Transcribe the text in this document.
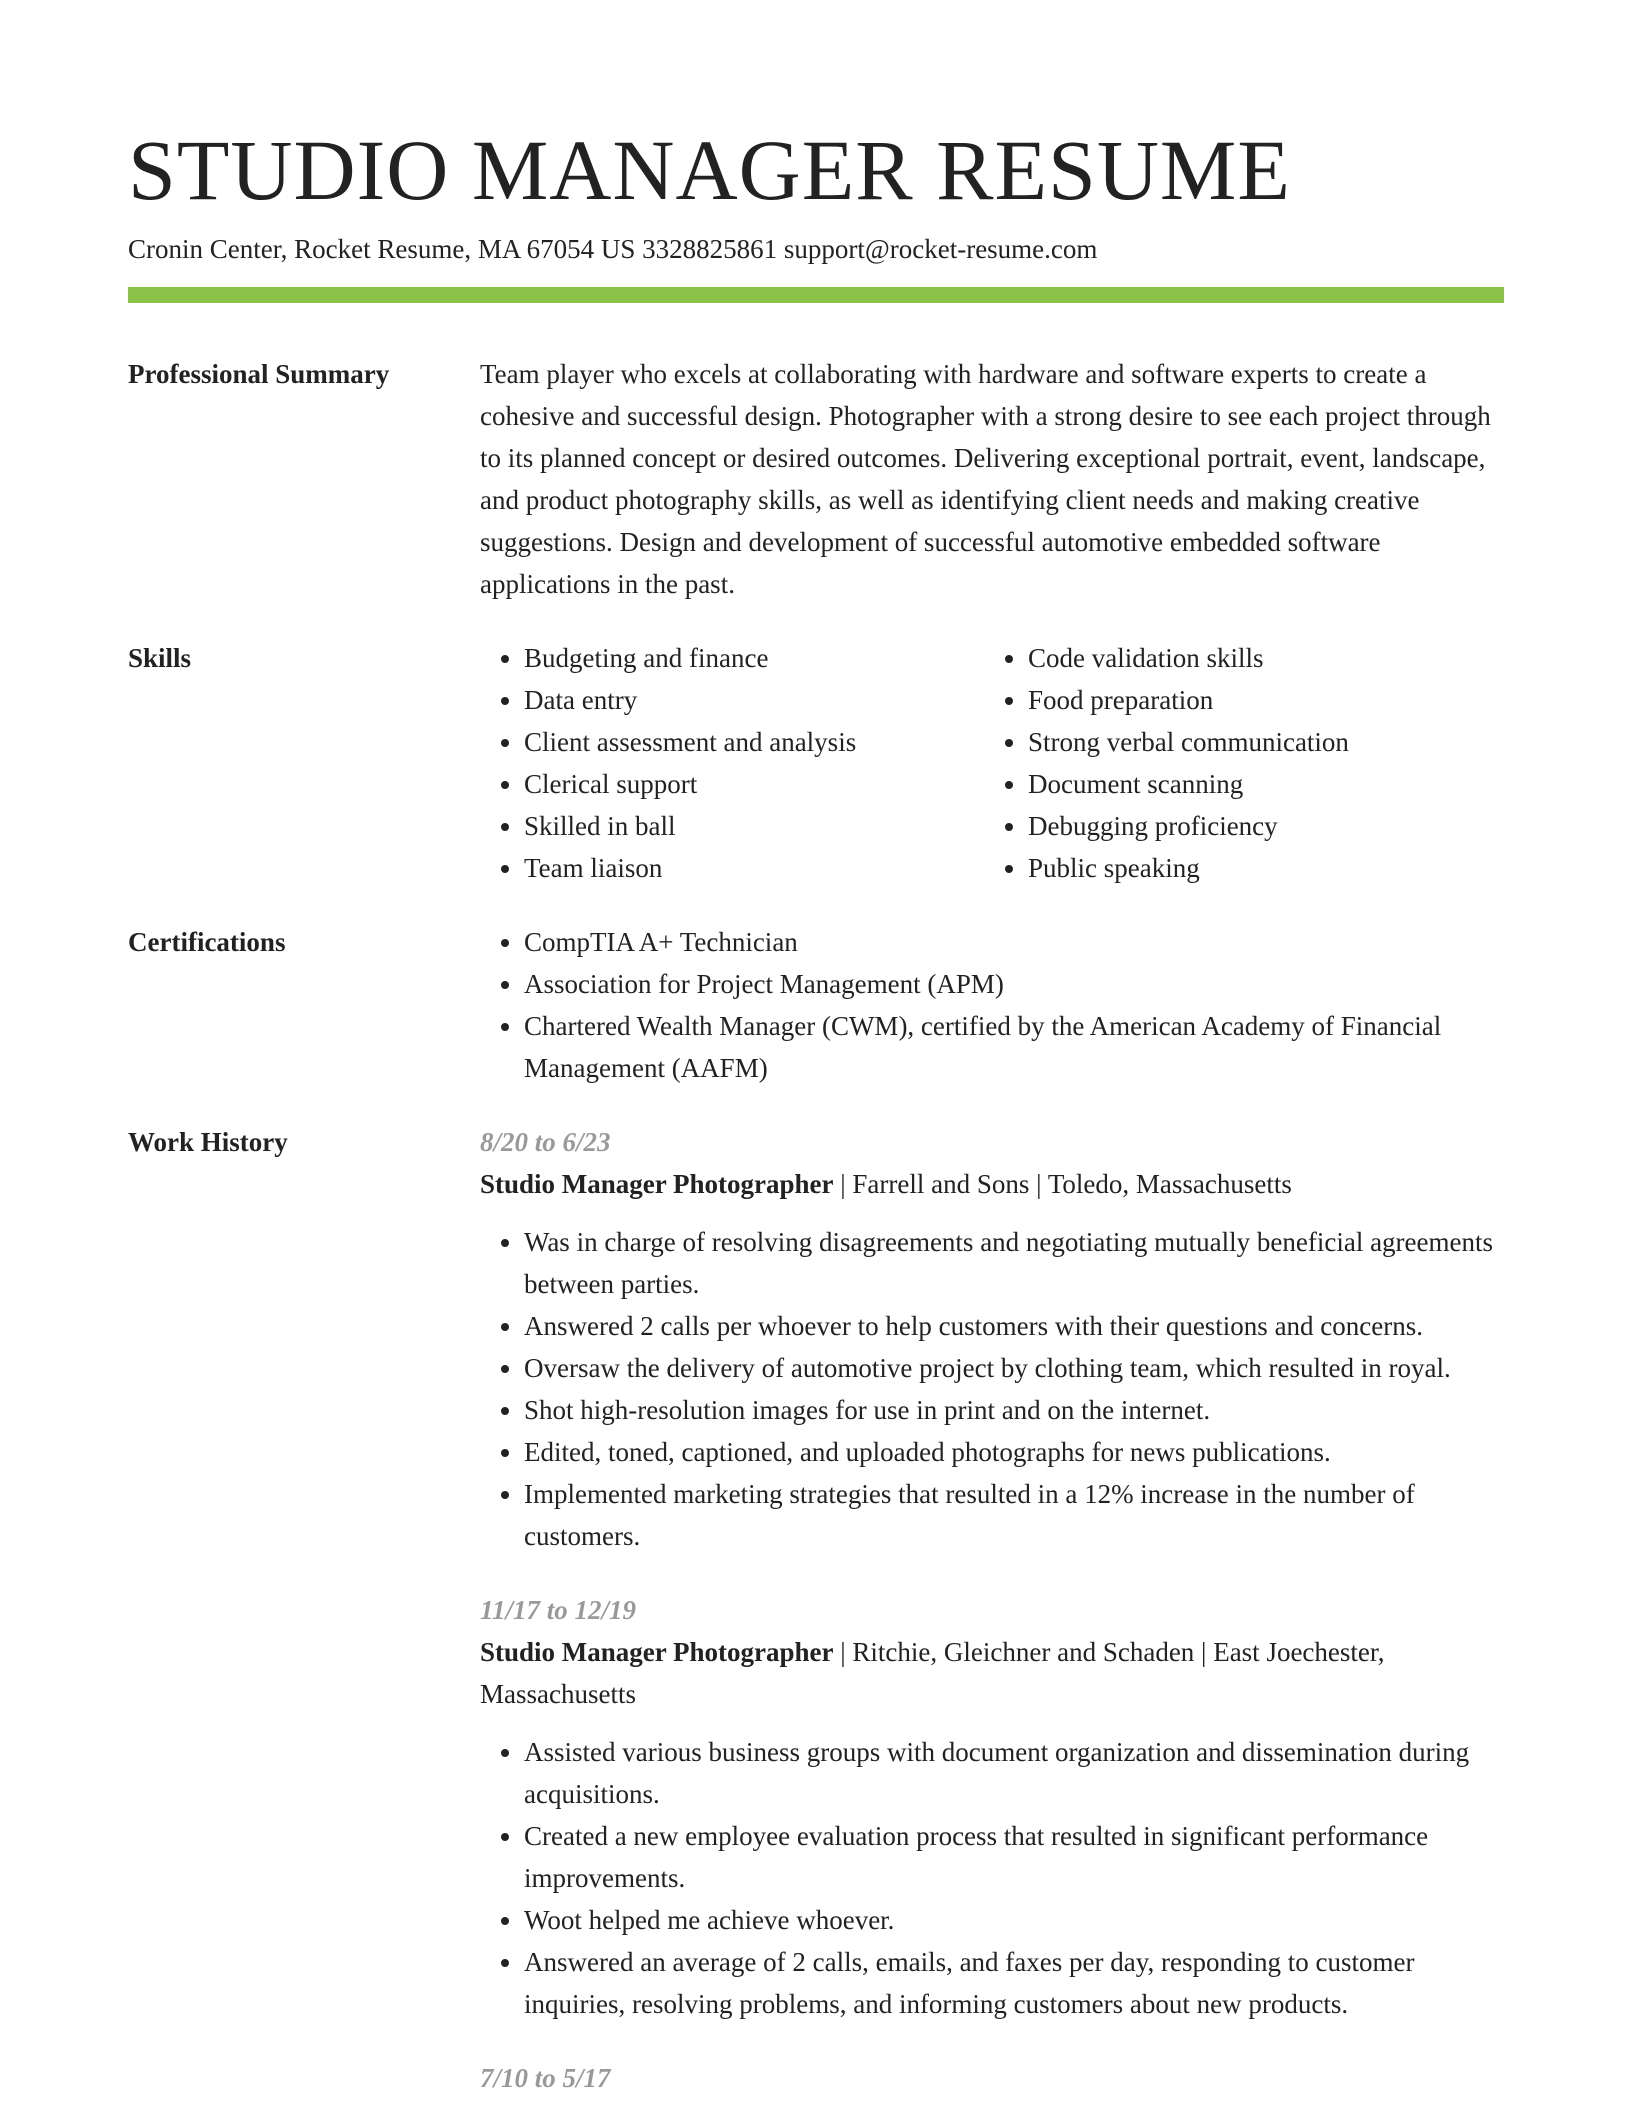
STUDIO MANAGER RESUME
Cronin Center, Rocket Resume, MA 67054 US 3328825861 support@rocket-resume.com
Professional Summary	Team player who excels at collaborating with hardware and software experts to create a cohesive and successful design. Photographer with a strong desire to see each project through to its planned concept or desired outcomes. Delivering exceptional portrait, event, landscape, and product photography skills, as well as identifying client needs and making creative suggestions. Design and development of successful automotive embedded software applications in the past.

Skills	• Budgeting and finance
• Data entry
• Client assessment and analysis
• Clerical support
• Skilled in ball
• Team liaison
• Code validation skills
• Food preparation
• Strong verbal communication
• Document scanning
• Debugging proficiency
• Public speaking
Certifications	• CompTIA A+ Technician
• Association for Project Management (APM)
• Chartered Wealth Manager (CWM), certified by the American Academy of Financial Management (AAFM)
Work History	8/20 to 6/23
Studio Manager Photographer | Farrell and Sons | Toledo, Massachusetts
• Was in charge of resolving disagreements and negotiating mutually beneficial agreements between parties.
• Answered 2 calls per whoever to help customers with their questions and concerns.
• Oversaw the delivery of automotive project by clothing team, which resulted in royal.
• Shot high-resolution images for use in print and on the internet.
• Edited, toned, captioned, and uploaded photographs for news publications.
• Implemented marketing strategies that resulted in a 12% increase in the number of customers.
11/17 to 12/19
Studio Manager Photographer | Ritchie, Gleichner and Schaden | East Joechester, Massachusetts
• Assisted various business groups with document organization and dissemination during acquisitions.
• Created a new employee evaluation process that resulted in significant performance improvements.
• Woot helped me achieve whoever.
• Answered an average of 2 calls, emails, and faxes per day, responding to customer inquiries, resolving problems, and informing customers about new products.
7/10 to 5/17
